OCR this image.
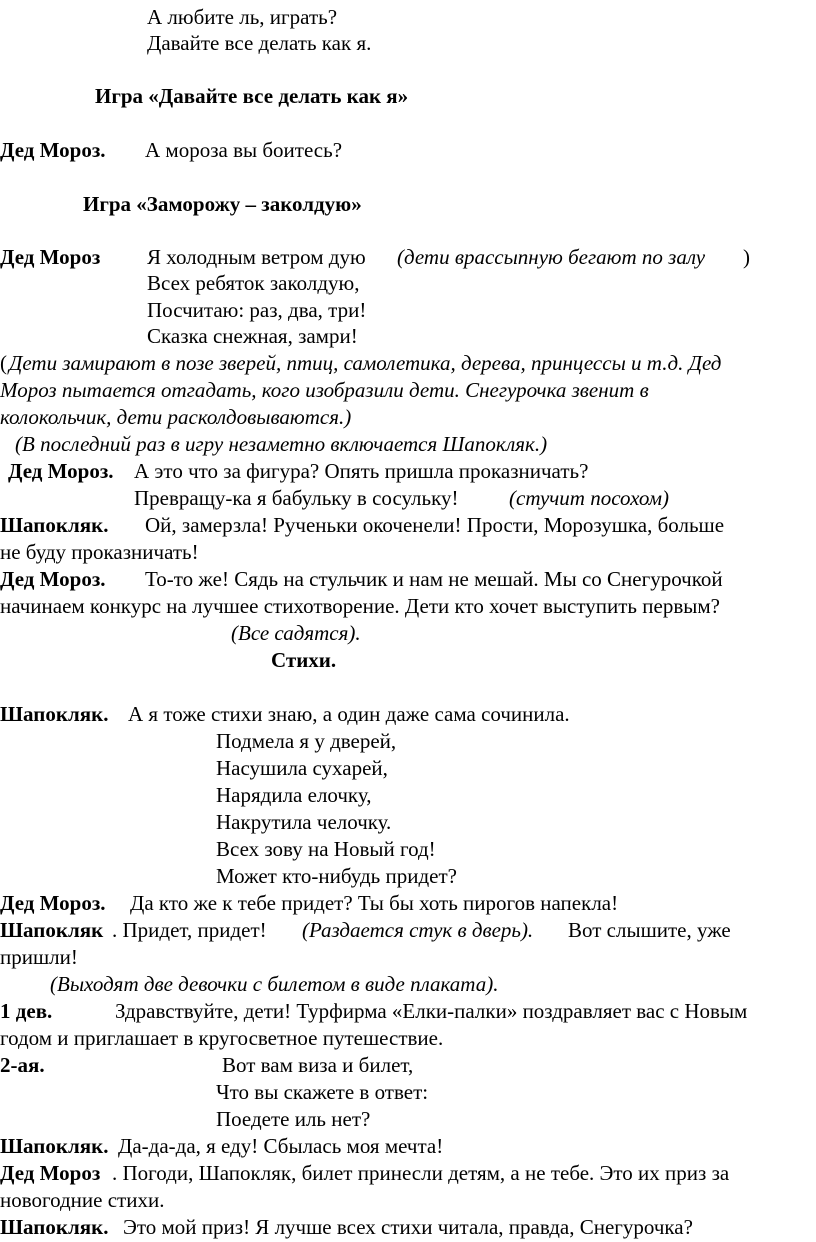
А любите ль, играть?
Давайте все делать как я.
Игра «Давайте все делать как я»
Дед Мороз. А мороза вы боитесь?
Игра «Заморожу – заколдую»
Дед Мороз Я холодным ветром дую (дети врассыпную бегают по залу )
Всех ребяток заколдую,
Посчитаю: раз, два, три!
Сказка снежная, замри!
( Дети замирают в позе зверей, птиц, самолетика, дерева, принцессы и т.д. Дед
Мороз пытается отгадать, кого изобразили дети. Снегурочка звенит в
колокольчик, дети расколдовываются.)
(В последний раз в игру незаметно включается Шапокляк.)
Дед Мороз. А это что за фигура? Опять пришла проказничать?
Превращу-ка я бабульку в сосульку! (стучит посохом)
Шапокляк. Ой, замерзла! Рученьки окоченели! Прости, Морозушка, больше
не буду проказничать!
Дед Мороз. То-то же! Сядь на стульчик и нам не мешай. Мы со Снегурочкой
начинаем конкурс на лучшее стихотворение. Дети кто хочет выступить первым?
(Все садятся).
Стихи.
Шапокляк. А я тоже стихи знаю, а один даже сама сочинила.
Подмела я у дверей,
Насушила сухарей,
Нарядила елочку,
Накрутила челочку.
Всех зову на Новый год!
Может кто-нибудь придет?
Дед Мороз. Да кто же к тебе придет? Ты бы хоть пирогов напекла!
Шапокляк . Придет, придет! (Раздается стук в дверь). Вот слышите, уже
пришли!
(Выходят две девочки с билетом в виде плаката).
1 дев.	Здравствуйте, дети! Турфирма «Елки-палки» поздравляет вас с Новым
годом и приглашает в кругосветное путешествие.
2-ая.	Вот вам виза и билет,
Что вы скажете в ответ:
Поедете иль нет?
Шапокляк. Да-да-да, я еду! Сбылась моя мечта!
Дед Мороз . Погоди, Шапокляк, билет принесли детям, а не тебе. Это их приз за
новогодние стихи.
Шапокляк. Это мой приз! Я лучше всех стихи читала, правда, Снегурочка?
